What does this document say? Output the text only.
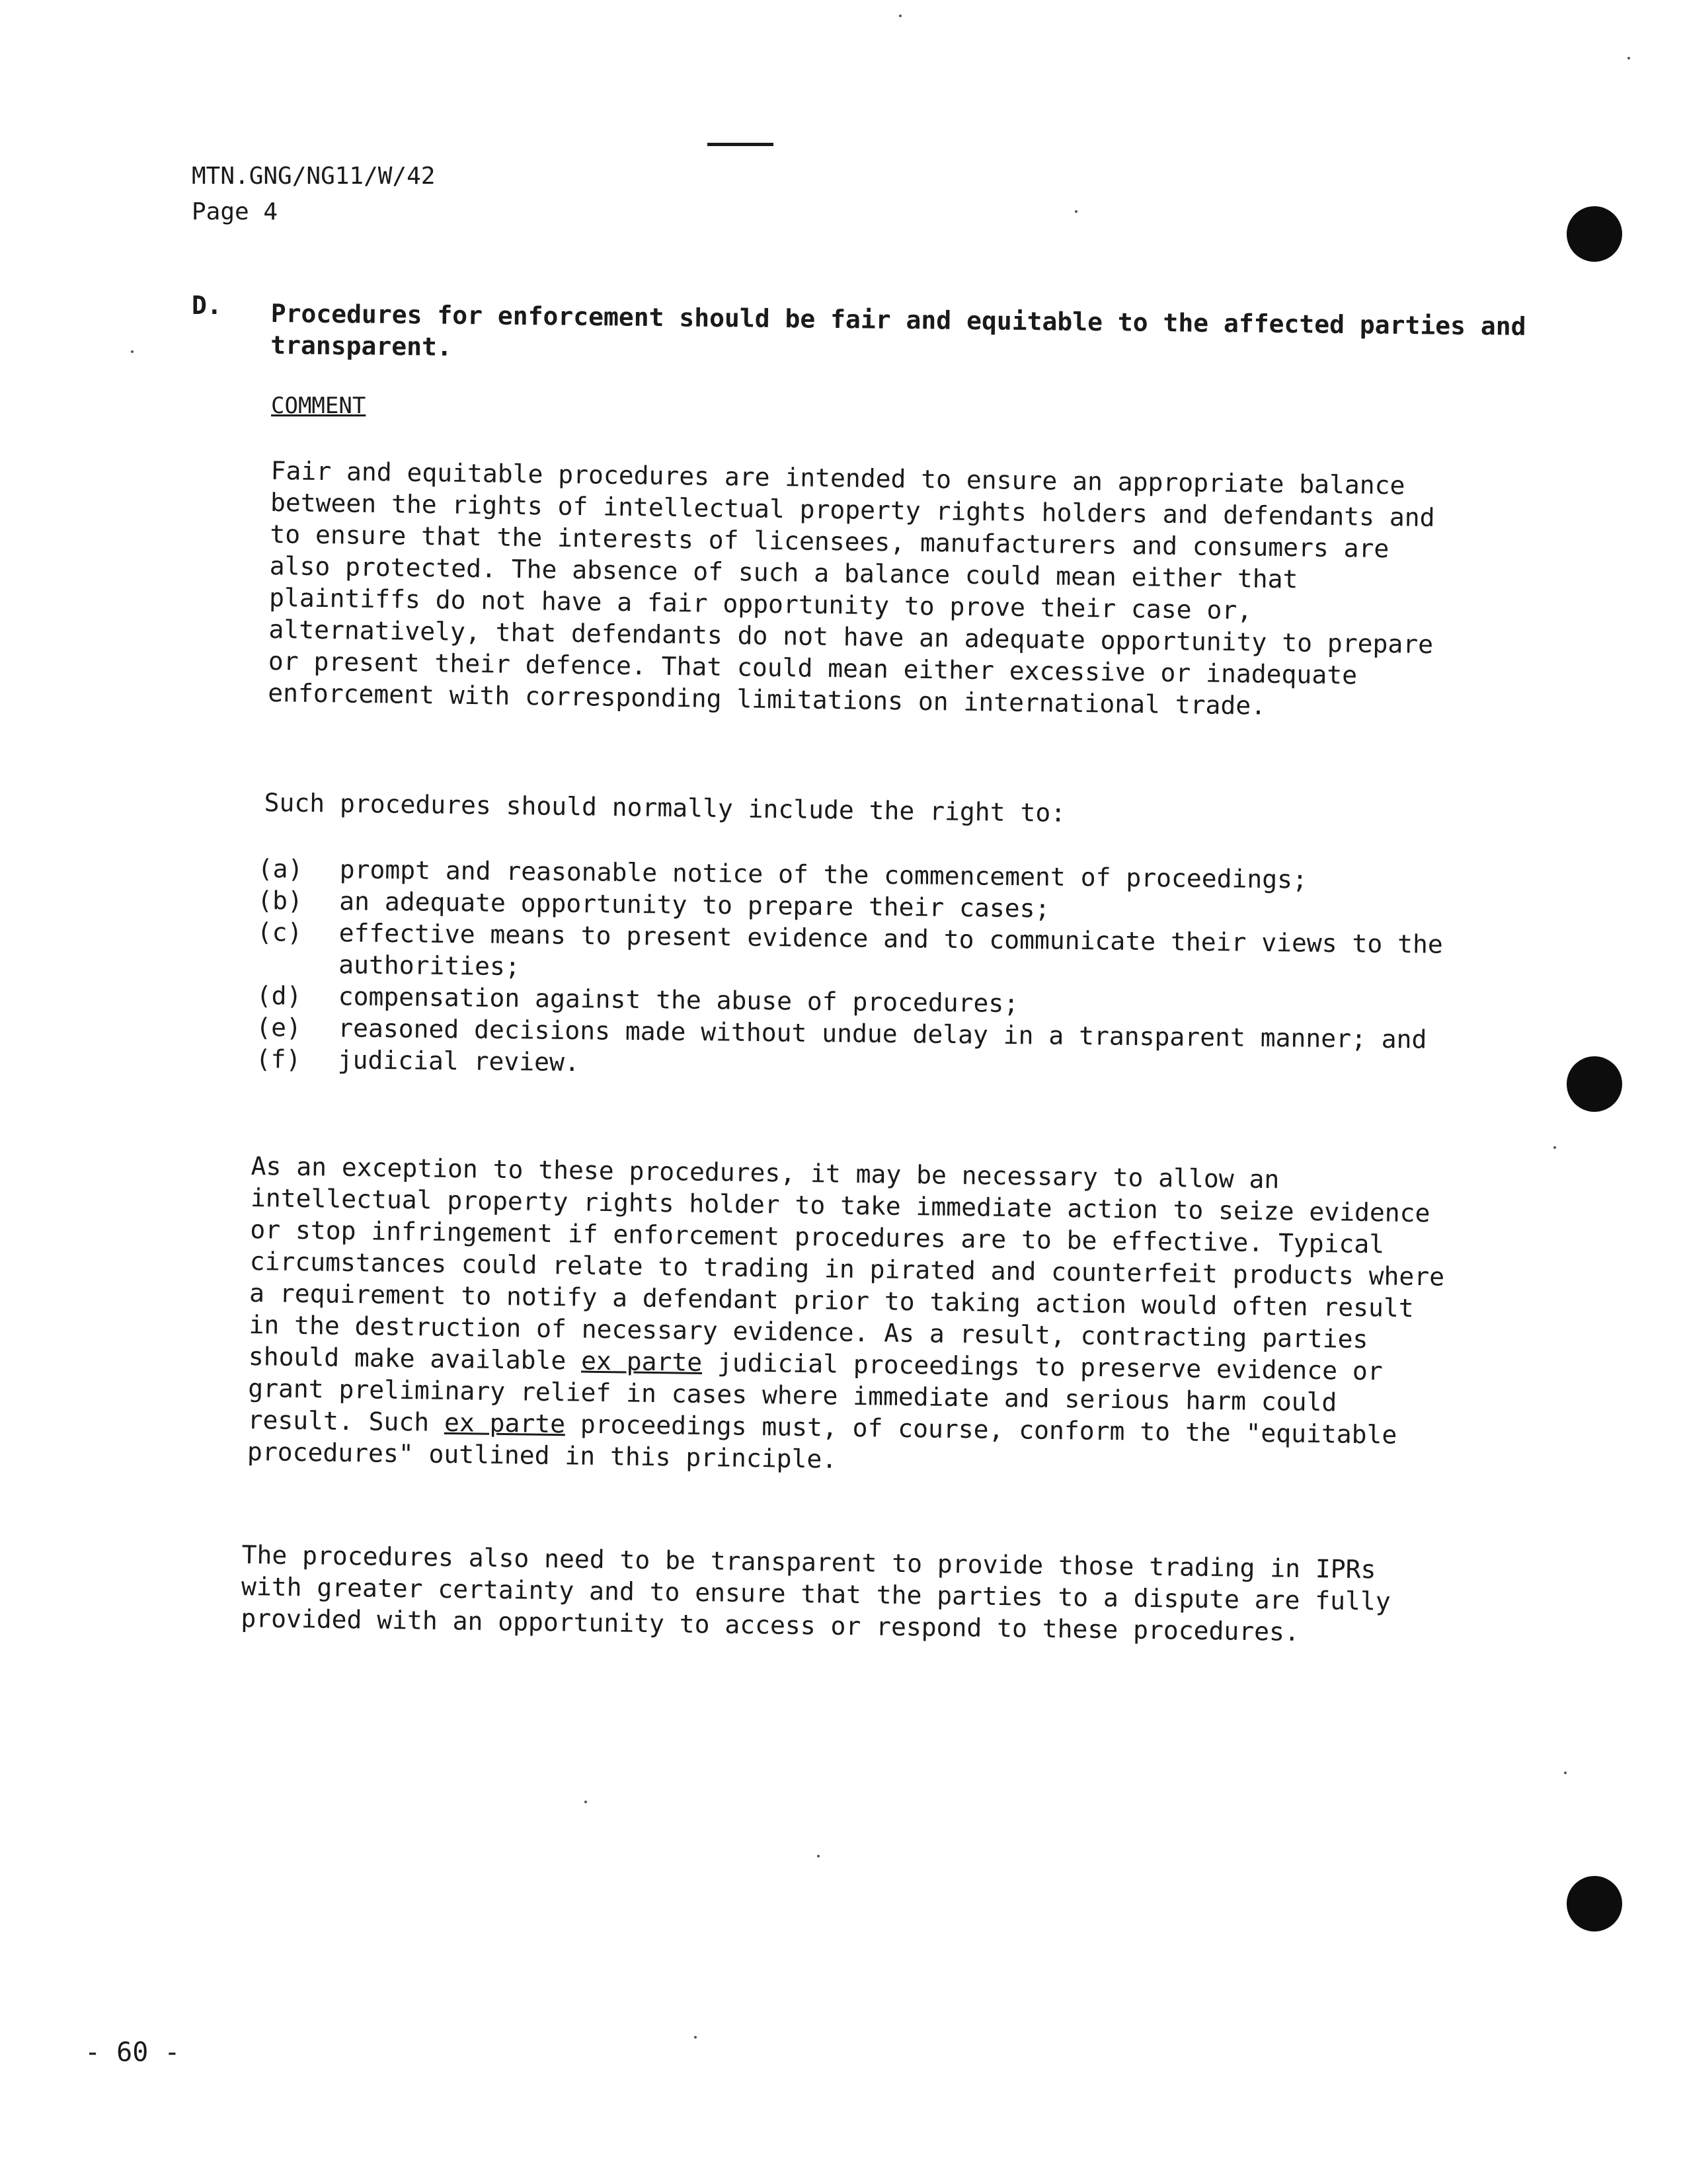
MTN.GNG/NG11/W/42
Page 4
D. Procedures for enforcement should be fair and equitable to the affected parties and transparent.
COMMENT
Fair and equitable procedures are intended to ensure an appropriate balance between the rights of intellectual property rights holders and defendants and to ensure that the interests of licensees, manufacturers and consumers are also protected. The absence of such a balance could mean either that plaintiffs do not have a fair opportunity to prove their case or, alternatively, that defendants do not have an adequate opportunity to prepare or present their defence. That could mean either excessive or inadequate enforcement with corresponding limitations on international trade.
Such procedures should normally include the right to:
(a)	prompt and reasonable notice of the commencement of proceedings;
(b)	an adequate opportunity to prepare their cases;
(c)	effective means to present evidence and to communicate their views to the authorities;
(d)	compensation against the abuse of procedures;
(e)	reasoned decisions made without undue delay in a transparent manner; and
(f)	judicial review.
As an exception to these procedures, it may be necessary to allow an intellectual property rights holder to take immediate action to seize evidence or stop infringement if enforcement procedures are to be effective. Typical circumstances could relate to trading in pirated and counterfeit products where a requirement to notify a defendant prior to taking action would often result in the destruction of necessary evidence. As a result, contracting parties should make available ex parte judicial proceedings to preserve evidence or grant preliminary relief in cases where immediate and serious harm could result. Such ex parte proceedings must, of course, conform to the "equitable procedures" outlined in this principle.
The procedures also need to be transparent to provide those trading in IPRs with greater certainty and to ensure that the parties to a dispute are fully provided with an opportunity to access or respond to these procedures.
- 60 -
